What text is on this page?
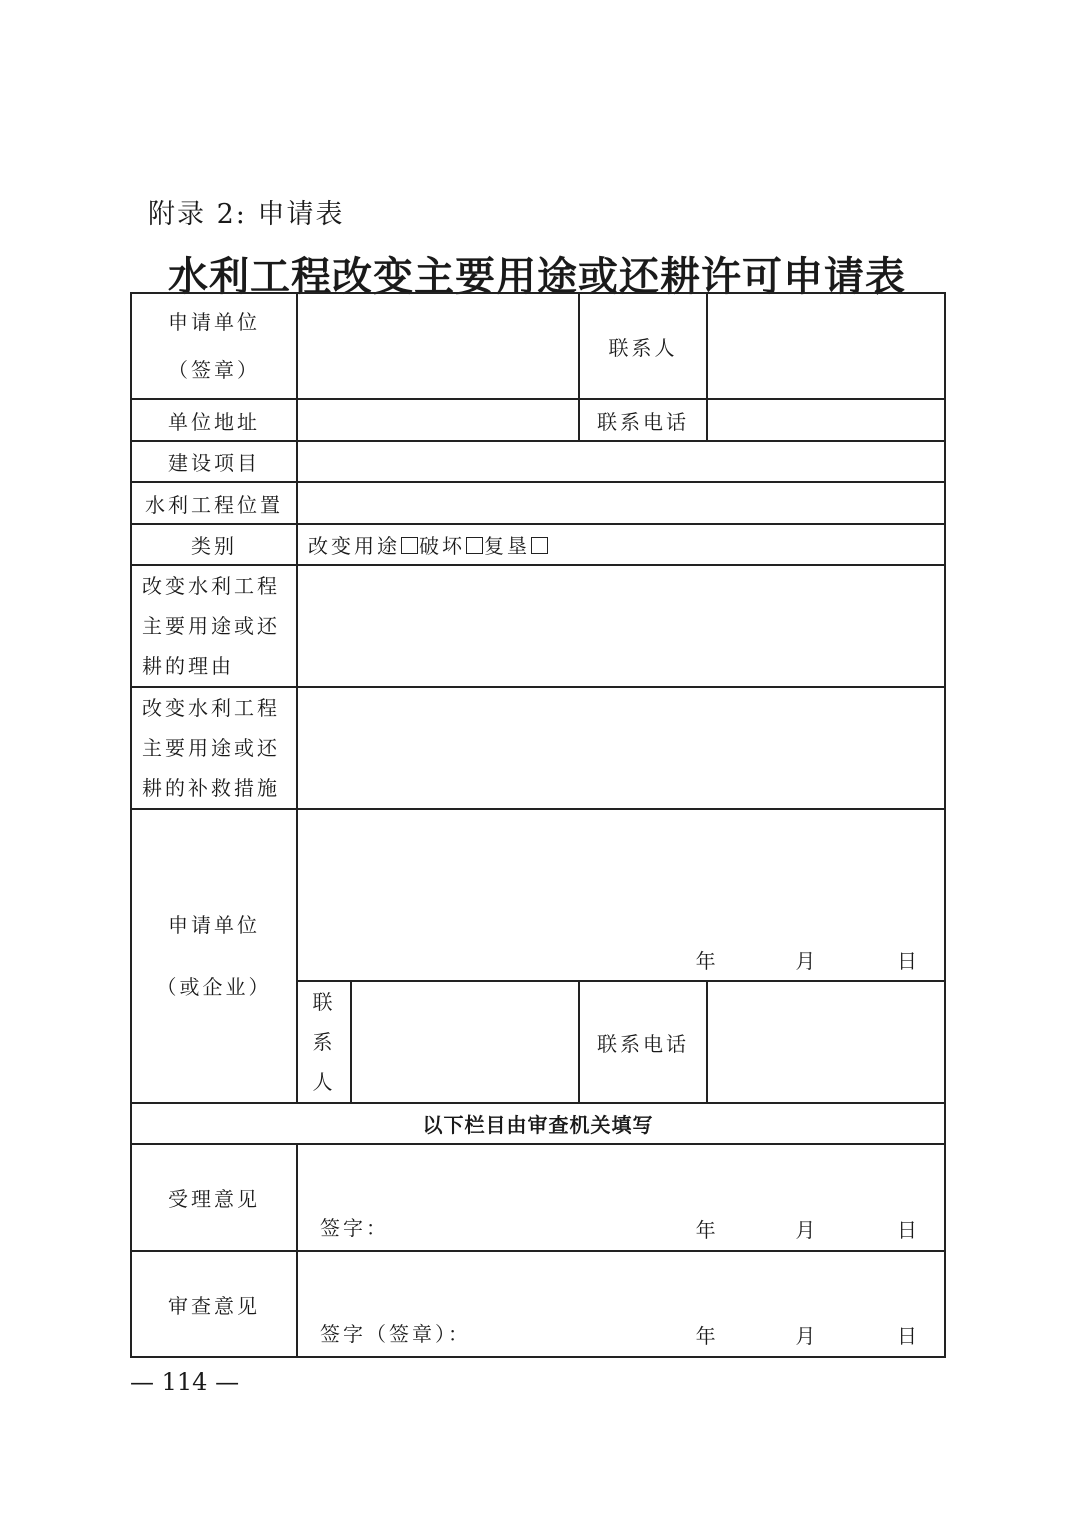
附录 2: 申请表
水利工程改变主要用途或还耕许可申请表
申请单位
（签章）			联系人	
单位地址			联系电话	
建设项目				
水利工程位置				
类别	改变用途 破坏 复垦			

改变水利工程
主要用途或还
耕的理由				

改变水利工程
主要用途或还
耕的补救措施				

申请单位
（或企业）	年 月 日			

	联
系
人		联系电话	
以下栏目由审查机关填写				
受理意见	签字： 年 月 日			

审查意见	签字（签章）： 年 月 日			
— 114 —
